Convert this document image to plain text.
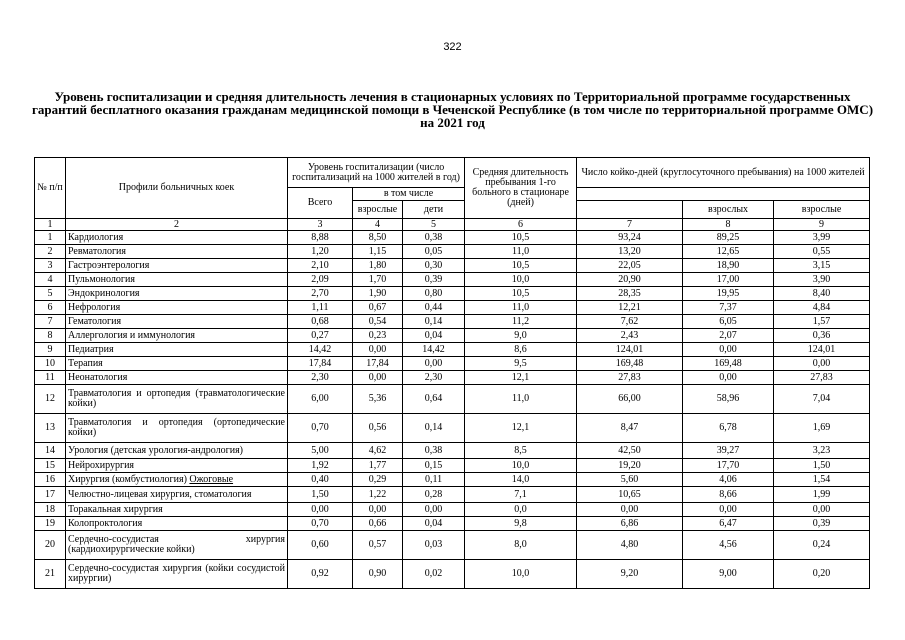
322

Уровень госпитализации и средняя длительность лечения в стационарных условиях по Территориальной программе государственных гарантий бесплатного оказания гражданам медицинской помощи в Чеченской Республике (в том числе по территориальной программе ОМС) на 2021 год

№ п/п	Профили больничных коек	Уровень госпитализации (число госпитализаций на 1000 жителей в год)			Средняя длительность пребывания 1-го больного в стационаре (дней)	Число койко-дней (круглосуточного пребывания) на 1000 жителей		
		Всего	в том числе					
			взрослые	дети			взрослых	взрослые
1	2	3	4	5	6	7	8	9
1	Кардиология	8,88	8,50	0,38	10,5	93,24	89,25	3,99
2	Ревматология	1,20	1,15	0,05	11,0	13,20	12,65	0,55
3	Гастроэнтерология	2,10	1,80	0,30	10,5	22,05	18,90	3,15
4	Пульмонология	2,09	1,70	0,39	10,0	20,90	17,00	3,90
5	Эндокринология	2,70	1,90	0,80	10,5	28,35	19,95	8,40
6	Нефрология	1,11	0,67	0,44	11,0	12,21	7,37	4,84
7	Гематология	0,68	0,54	0,14	11,2	7,62	6,05	1,57
8	Аллергология и иммунология	0,27	0,23	0,04	9,0	2,43	2,07	0,36
9	Педиатрия	14,42	0,00	14,42	8,6	124,01	0,00	124,01
10	Терапия	17,84	17,84	0,00	9,5	169,48	169,48	0,00
11	Неонатология	2,30	0,00	2,30	12,1	27,83	0,00	27,83
12	Травматология и ортопедия (травматологические койки)	6,00	5,36	0,64	11,0	66,00	58,96	7,04
13	Травматология и ортопедия (ортопедические койки)	0,70	0,56	0,14	12,1	8,47	6,78	1,69
14	Урология (детская урология-андрология)	5,00	4,62	0,38	8,5	42,50	39,27	3,23
15	Нейрохирургия	1,92	1,77	0,15	10,0	19,20	17,70	1,50
16	Хирургия (комбустиология) Ожоговые	0,40	0,29	0,11	14,0	5,60	4,06	1,54
17	Челюстно-лицевая хирургия, стоматология	1,50	1,22	0,28	7,1	10,65	8,66	1,99
18	Торакальная хирургия	0,00	0,00	0,00	0,0	0,00	0,00	0,00
19	Колопроктология	0,70	0,66	0,04	9,8	6,86	6,47	0,39
20	Сердечно-сосудистая хирургия (кардиохирургические койки)	0,60	0,57	0,03	8,0	4,80	4,56	0,24
21	Сердечно-сосудистая хирургия (койки сосудистой хирургии)	0,92	0,90	0,02	10,0	9,20	9,00	0,20
